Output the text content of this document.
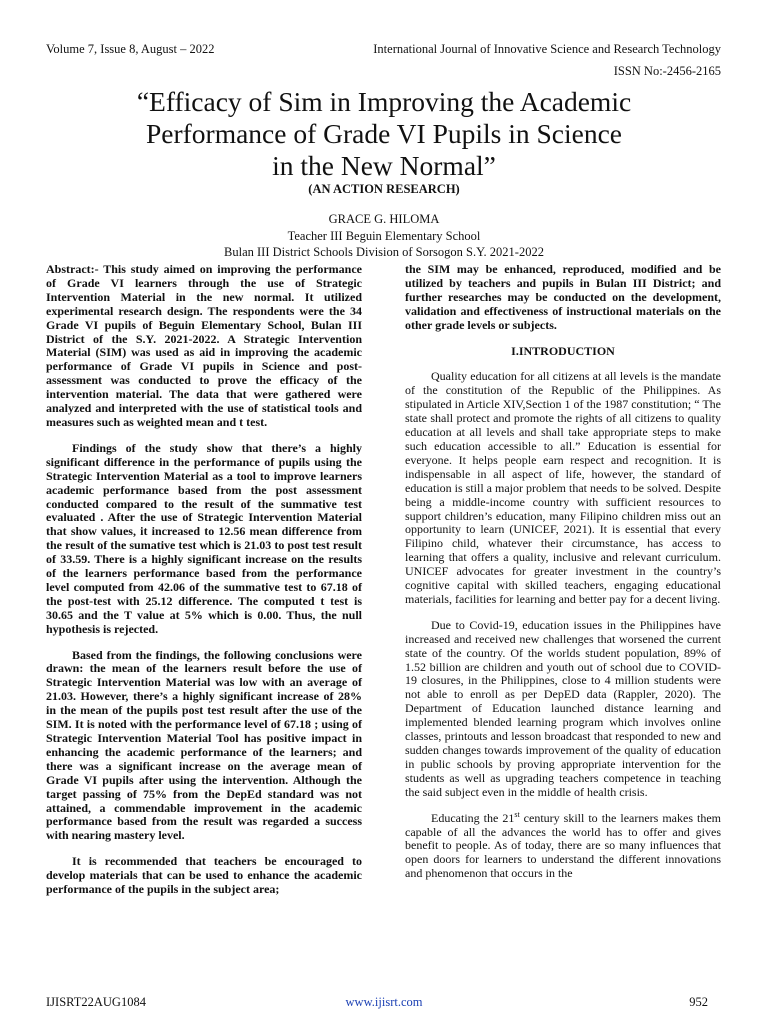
Volume 7, Issue 8, August – 2022	International Journal of Innovative Science and Research Technology
ISSN No:-2456-2165
“Efficacy of Sim in Improving the Academic
Performance of Grade VI Pupils in Science
in the New Normal”
(AN ACTION RESEARCH)
GRACE G. HILOMA
Teacher III Beguin Elementary School
Bulan III District Schools Division of Sorsogon S.Y. 2021-2022

Abstract:- This study aimed on improving the performance of Grade VI learners through the use of Strategic Intervention Material in the new normal. It utilized experimental research design. The respondents were the 34 Grade VI pupils of Beguin Elementary School, Bulan III District of the S.Y. 2021-2022. A Strategic Intervention Material (SIM) was used as aid in improving the academic performance of Grade VI pupils in Science and post-assessment was conducted to prove the efficacy of the intervention material. The data that were gathered were analyzed and interpreted with the use of statistical tools and measures such as weighted mean and t test.

Findings of the study show that there’s a highly significant difference in the performance of pupils using the Strategic Intervention Material as a tool to improve learners academic performance based from the post assessment conducted compared to the result of the summative test evaluated . After the use of Strategic Intervention Material that show values, it increased to 12.56 mean difference from the result of the sumative test which is 21.03 to post test result of 33.59. There is a highly significant increase on the results of the learners performance based from the performance level computed from 42.06 of the summative test to 67.18 of the post-test with 25.12 difference. The computed t test is 30.65 and the T value at 5% which is 0.00. Thus, the null hypothesis is rejected.

Based from the findings, the following conclusions were drawn: the mean of the learners result before the use of Strategic Intervention Material was low with an average of 21.03. However, there’s a highly significant increase of 28% in the mean of the pupils post test result after the use of the SIM. It is noted with the performance level of 67.18 ; using of Strategic Intervention Material Tool has positive impact in enhancing the academic performance of the learners; and there was a significant increase on the average mean of Grade VI pupils after using the intervention. Although the target passing of 75% from the DepEd standard was not attained, a commendable improvement in the academic performance based from the result was regarded a success with nearing mastery level.

It is recommended that teachers be encouraged to develop materials that can be used to enhance the academic performance of the pupils in the subject area;

the SIM may be enhanced, reproduced, modified and be utilized by teachers and pupils in Bulan III District; and further researches may be conducted on the development, validation and effectiveness of instructional materials on the other grade levels or subjects.

I.INTRODUCTION

Quality education for all citizens at all levels is the mandate of the constitution of the Republic of the Philippines. As stipulated in Article XIV,Section 1 of the 1987 constitution; “ The state shall protect and promote the rights of all citizens to quality education at all levels and shall take appropriate steps to make such education accessible to all.” Education is essential for everyone. It helps people earn respect and recognition. It is indispensable in all aspect of life, however, the standard of education is still a major problem that needs to be solved. Despite being a middle-income country with sufficient resources to support children’s education, many Filipino children miss out an opportunity to learn (UNICEF, 2021). It is essential that every Filipino child, whatever their circumstance, has access to learning that offers a quality, inclusive and relevant curriculum. UNICEF advocates for greater investment in the country’s cognitive capital with skilled teachers, engaging educational materials, facilities for learning and better pay for a decent living.

Due to Covid-19, education issues in the Philippines have increased and received new challenges that worsened the current state of the country. Of the worlds student population, 89% of 1.52 billion are children and youth out of school due to COVID-19 closures, in the Philippines, close to 4 million students were not able to enroll as per DepED data (Rappler, 2020). The Department of Education launched distance learning and implemented blended learning program which involves online classes, printouts and lesson broadcast that responded to new and sudden changes towards improvement of the quality of education in public schools by proving appropriate intervention for the students as well as upgrading teachers competence in teaching the said subject even in the middle of health crisis.

Educating the 21st century skill to the learners makes them capable of all the advances the world has to offer and gives benefit to people. As of today, there are so many influences that open doors for learners to understand the different innovations and phenomenon that occurs in the

IJISRT22AUG1084	www.ijisrt.com	952
